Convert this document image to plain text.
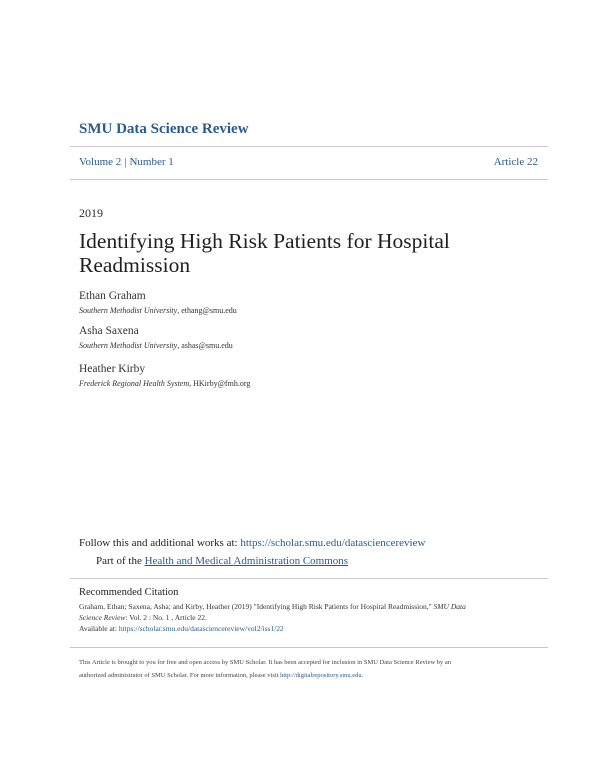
SMU Data Science Review
Volume 2 | Number 1	Article 22
2019
Identifying High Risk Patients for Hospital
Readmission
Ethan Graham
Southern Methodist University, ethang@smu.edu
Asha Saxena
Southern Methodist University, ashas@smu.edu
Heather Kirby
Frederick Regional Health System, HKirby@fmh.org
Follow this and additional works at: https://scholar.smu.edu/datasciencereview
Part of the Health and Medical Administration Commons
Recommended Citation
Graham, Ethan; Saxena, Asha; and Kirby, Heather (2019) "Identifying High Risk Patients for Hospital Readmission," SMU Data
Science Review: Vol. 2 : No. 1 , Article 22.
Available at: https://scholar.smu.edu/datasciencereview/vol2/iss1/22
This Article is brought to you for free and open access by SMU Scholar. It has been accepted for inclusion in SMU Data Science Review by an
authorized administrator of SMU Scholar. For more information, please visit http://digitalrepository.smu.edu.
